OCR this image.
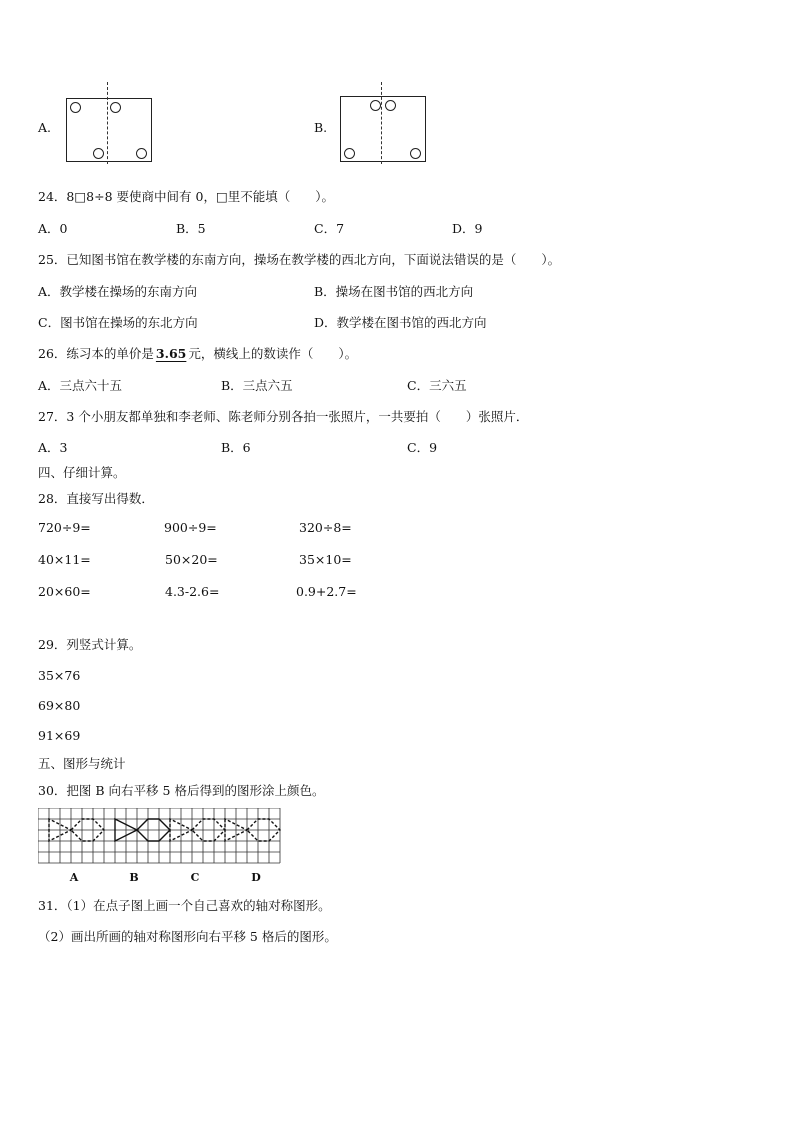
A.	B.
24．8□8÷8 要使商中间有 0，□里不能填（　　）。
A．0	B．5	C．7	D．9
25．已知图书馆在教学楼的东南方向，操场在教学楼的西北方向，下面说法错误的是（　　）。
A．教学楼在操场的东南方向	B．操场在图书馆的西北方向
C．图书馆在操场的东北方向	D．教学楼在图书馆的西北方向
26．练习本的单价是 3.65 元，横线上的数读作（　　）。
A．三点六十五	B．三点六五	C．三六五
27．3 个小朋友都单独和李老师、陈老师分别各拍一张照片，一共要拍（　　）张照片．
A．3	B．6	C．9
四、仔细计算。
28．直接写出得数．
720÷9=	900÷9=	320÷8=
40×11=	50×20=	35×10=
20×60=	4.3-2.6=	0.9+2.7=
29．列竖式计算。
35×76
69×80
91×69
五、图形与统计
30．把图 B 向右平移 5 格后得到的图形涂上颜色。
A	B	C	D
31．（1）在点子图上画一个自己喜欢的轴对称图形。
（2）画出所画的轴对称图形向右平移 5 格后的图形。
